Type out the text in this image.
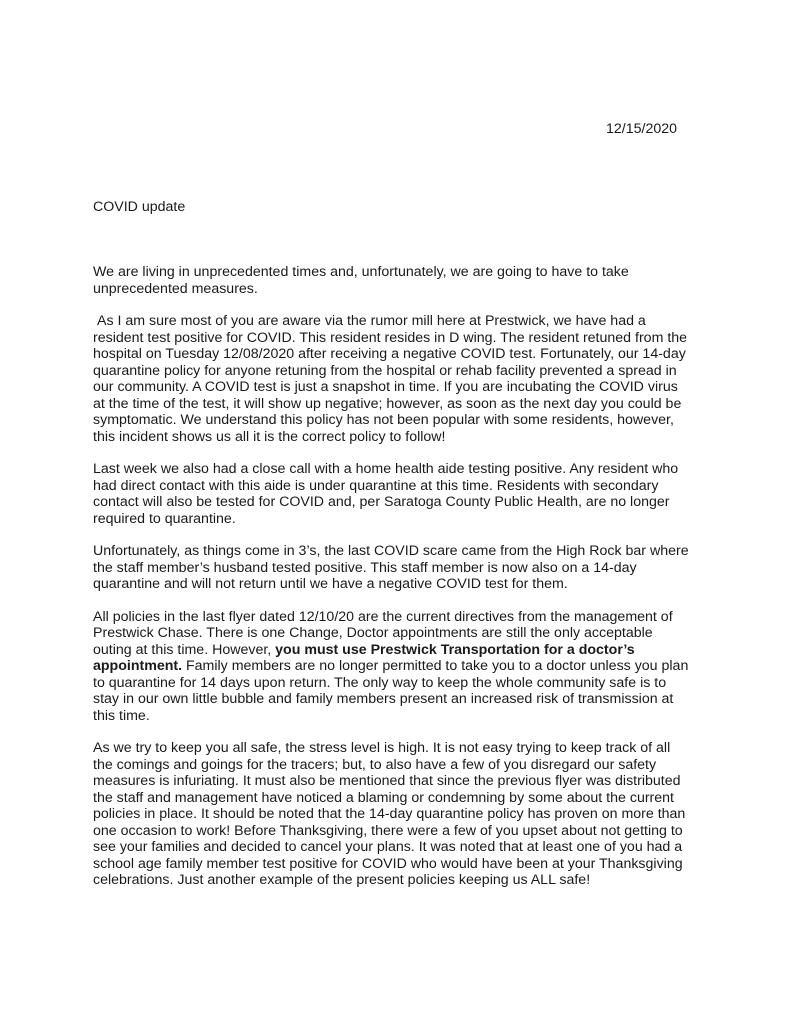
12/15/2020
COVID update

We are living in unprecedented times and, unfortunately, we are going to have to take
unprecedented measures.

As I am sure most of you are aware via the rumor mill here at Prestwick, we have had a
resident test positive for COVID. This resident resides in D wing. The resident retuned from the
hospital on Tuesday 12/08/2020 after receiving a negative COVID test. Fortunately, our 14-day
quarantine policy for anyone retuning from the hospital or rehab facility prevented a spread in
our community. A COVID test is just a snapshot in time. If you are incubating the COVID virus
at the time of the test, it will show up negative; however, as soon as the next day you could be
symptomatic. We understand this policy has not been popular with some residents, however,
this incident shows us all it is the correct policy to follow!

Last week we also had a close call with a home health aide testing positive. Any resident who
had direct contact with this aide is under quarantine at this time. Residents with secondary
contact will also be tested for COVID and, per Saratoga County Public Health, are no longer
required to quarantine.

Unfortunately, as things come in 3’s, the last COVID scare came from the High Rock bar where
the staff member’s husband tested positive. This staff member is now also on a 14-day
quarantine and will not return until we have a negative COVID test for them.

All policies in the last flyer dated 12/10/20 are the current directives from the management of
Prestwick Chase. There is one Change, Doctor appointments are still the only acceptable
outing at this time. However, you must use Prestwick Transportation for a doctor’s
appointment. Family members are no longer permitted to take you to a doctor unless you plan
to quarantine for 14 days upon return. The only way to keep the whole community safe is to
stay in our own little bubble and family members present an increased risk of transmission at
this time.

As we try to keep you all safe, the stress level is high. It is not easy trying to keep track of all
the comings and goings for the tracers; but, to also have a few of you disregard our safety
measures is infuriating. It must also be mentioned that since the previous flyer was distributed
the staff and management have noticed a blaming or condemning by some about the current
policies in place. It should be noted that the 14-day quarantine policy has proven on more than
one occasion to work! Before Thanksgiving, there were a few of you upset about not getting to
see your families and decided to cancel your plans. It was noted that at least one of you had a
school age family member test positive for COVID who would have been at your Thanksgiving
celebrations. Just another example of the present policies keeping us ALL safe!
